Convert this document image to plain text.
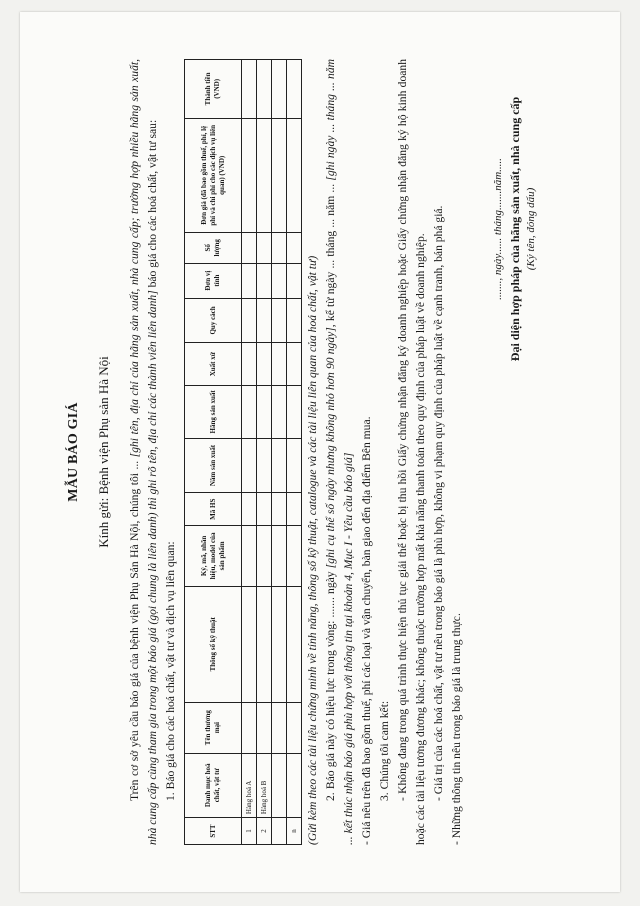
MẪU BÁO GIÁ Kính gửi: Bệnh viện Phụ sản Hà Nội

Trên cơ sở yêu cầu báo giá của bệnh viện Phụ Sản Hà Nội, chúng tôi ... [ghi tên, địa chỉ của hãng sản xuất, nhà cung cấp; trường hợp nhiều hãng sản xuất, nhà cung cấp cùng tham gia trong một báo giá (gọi chung là liên danh) thì ghi rõ tên, địa chỉ các thành viên liên danh] báo giá cho các hoá chất, vật tư sau:

1. Báo giá cho các hoá chất, vật tư và dịch vụ liên quan:

STT	Danh mục hoá chất, vật tư	Tên thương mại	Thông số kỹ thuật	Ký, mã, nhãn hiệu, model của sản phẩm	Mã HS	Năm sản xuất	Hãng sản xuất	Xuất xứ	Quy cách	Đơn vị tính	Số lượng	Đơn giá (đã bao gồm thuế, phí, lệ phí và chi phí cho các dịch vụ liên quan) (VND)	Thành tiền (VND)
1	Hàng hoá A												
2	Hàng hoá B												

n													(Gửi kèm theo các tài liệu chứng minh về tính năng, thông số kỹ thuật, catalogue và các tài liệu liên quan của hoá chất, vật tư) 2. Báo giá này có hiệu lực trong vòng: ....... ngày [ghi cụ thể số ngày nhưng không nhỏ hơn 90 ngày], kể từ ngày ... tháng ... năm ... [ghi ngày ... tháng ... năm ... kết thúc nhận báo giá phù hợp với thông tin tại khoản 4, Mục I - Yêu cầu báo giá] - Giá nêu trên đã bao gồm thuế, phí các loại và vận chuyển, bàn giao đến địa điểm Bên mua. 3. Chúng tôi cam kết: - Không đang trong quá trình thực hiện thủ tục giải thể hoặc bị thu hồi Giấy chứng nhận đăng ký doanh nghiệp hoặc Giấy chứng nhận đăng ký hộ kinh doanh hoặc các tài liệu tương đương khác; không thuộc trường hợp mất khả năng thanh toán theo quy định của pháp luật về doanh nghiệp. - Giá trị của các hoá chất, vật tư nêu trong báo giá là phù hợp, không vi phạm quy định của pháp luật về cạnh tranh, bán phá giá. - Những thông tin nêu trong báo giá là trung thực.

......., ngày...... tháng.......năm..... Đại diện hợp pháp của hãng sản xuất, nhà cung cấp (Ký tên, đóng dấu)
